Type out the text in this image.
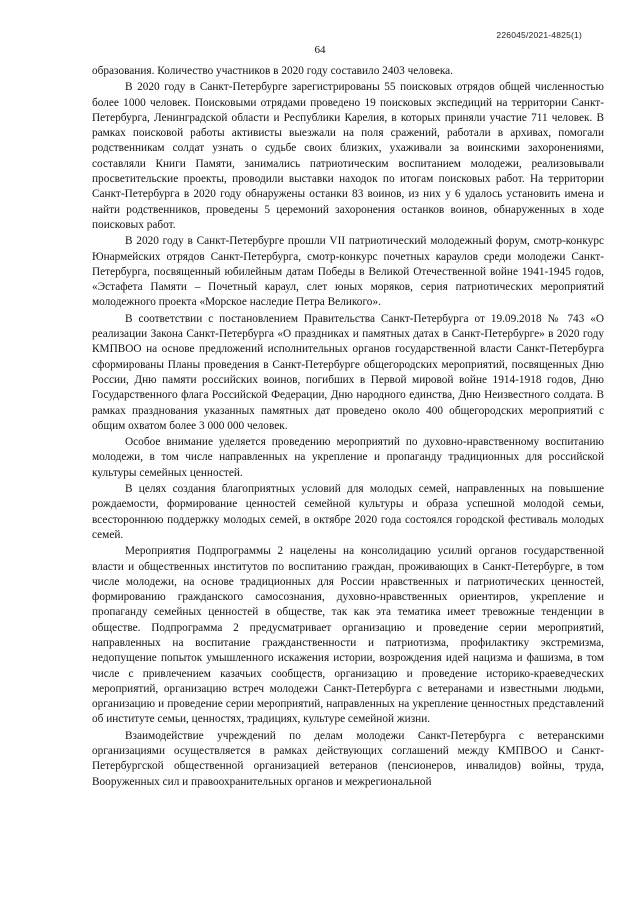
226045/2021-4825(1)
64

образования. Количество участников в 2020 году составило 2403 человека.

В 2020 году в Санкт-Петербурге зарегистрированы 55 поисковых отрядов общей численностью более 1000 человек. Поисковыми отрядами проведено 19 поисковых экспедиций на территории Санкт-Петербурга, Ленинградской области и Республики Карелия, в которых приняли участие 711 человек. В рамках поисковой работы активисты выезжали на поля сражений, работали в архивах, помогали родственникам солдат узнать о судьбе своих близких, ухаживали за воинскими захоронениями, составляли Книги Памяти, занимались патриотическим воспитанием молодежи, реализовывали просветительские проекты, проводили выставки находок по итогам поисковых работ. На территории Санкт-Петербурга в 2020 году обнаружены останки 83 воинов, из них у 6 удалось установить имена и найти родственников, проведены 5 церемоний захоронения останков воинов, обнаруженных в ходе поисковых работ.

В 2020 году в Санкт-Петербурге прошли VII патриотический молодежный форум, смотр-конкурс Юнармейских отрядов Санкт-Петербурга, смотр-конкурс почетных караулов среди молодежи Санкт-Петербурга, посвященный юбилейным датам Победы в Великой Отечественной войне 1941-1945 годов, «Эстафета Памяти – Почетный караул, слет юных моряков, серия патриотических мероприятий молодежного проекта «Морское наследие Петра Великого».

В соответствии с постановлением Правительства Санкт-Петербурга от 19.09.2018 № 743 «О реализации Закона Санкт-Петербурга «О праздниках и памятных датах в Санкт-Петербурге» в 2020 году КМПВОО на основе предложений исполнительных органов государственной власти Санкт-Петербурга сформированы Планы проведения в Санкт-Петербурге общегородских мероприятий, посвященных Дню России, Дню памяти российских воинов, погибших в Первой мировой войне 1914-1918 годов, Дню Государственного флага Российской Федерации, Дню народного единства, Дню Неизвестного солдата. В рамках празднования указанных памятных дат проведено около 400 общегородских мероприятий с общим охватом более 3 000 000 человек.

Особое внимание уделяется проведению мероприятий по духовно-нравственному воспитанию молодежи, в том числе направленных на укрепление и пропаганду традиционных для российской культуры семейных ценностей.

В целях создания благоприятных условий для молодых семей, направленных на повышение рождаемости, формирование ценностей семейной культуры и образа успешной молодой семьи, всестороннюю поддержку молодых семей, в октябре 2020 года состоялся городской фестиваль молодых семей.

Мероприятия Подпрограммы 2 нацелены на консолидацию усилий органов государственной власти и общественных институтов по воспитанию граждан, проживающих в Санкт-Петербурге, в том числе молодежи, на основе традиционных для России нравственных и патриотических ценностей, формированию гражданского самосознания, духовно-нравственных ориентиров, укрепление и пропаганду семейных ценностей в обществе, так как эта тематика имеет тревожные тенденции в обществе. Подпрограмма 2 предусматривает организацию и проведение серии мероприятий, направленных на воспитание гражданственности и патриотизма, профилактику экстремизма, недопущение попыток умышленного искажения истории, возрождения идей нацизма и фашизма, в том числе с привлечением казачьих сообществ, организацию и проведение историко-краеведческих мероприятий, организацию встреч молодежи Санкт-Петербурга с ветеранами и известными людьми, организацию и проведение серии мероприятий, направленных на укрепление ценностных представлений об институте семьи, ценностях, традициях, культуре семейной жизни.

Взаимодействие учреждений по делам молодежи Санкт-Петербурга с ветеранскими организациями осуществляется в рамках действующих соглашений между КМПВОО и Санкт-Петербургской общественной организацией ветеранов (пенсионеров, инвалидов) войны, труда, Вооруженных сил и правоохранительных органов и межрегиональной
